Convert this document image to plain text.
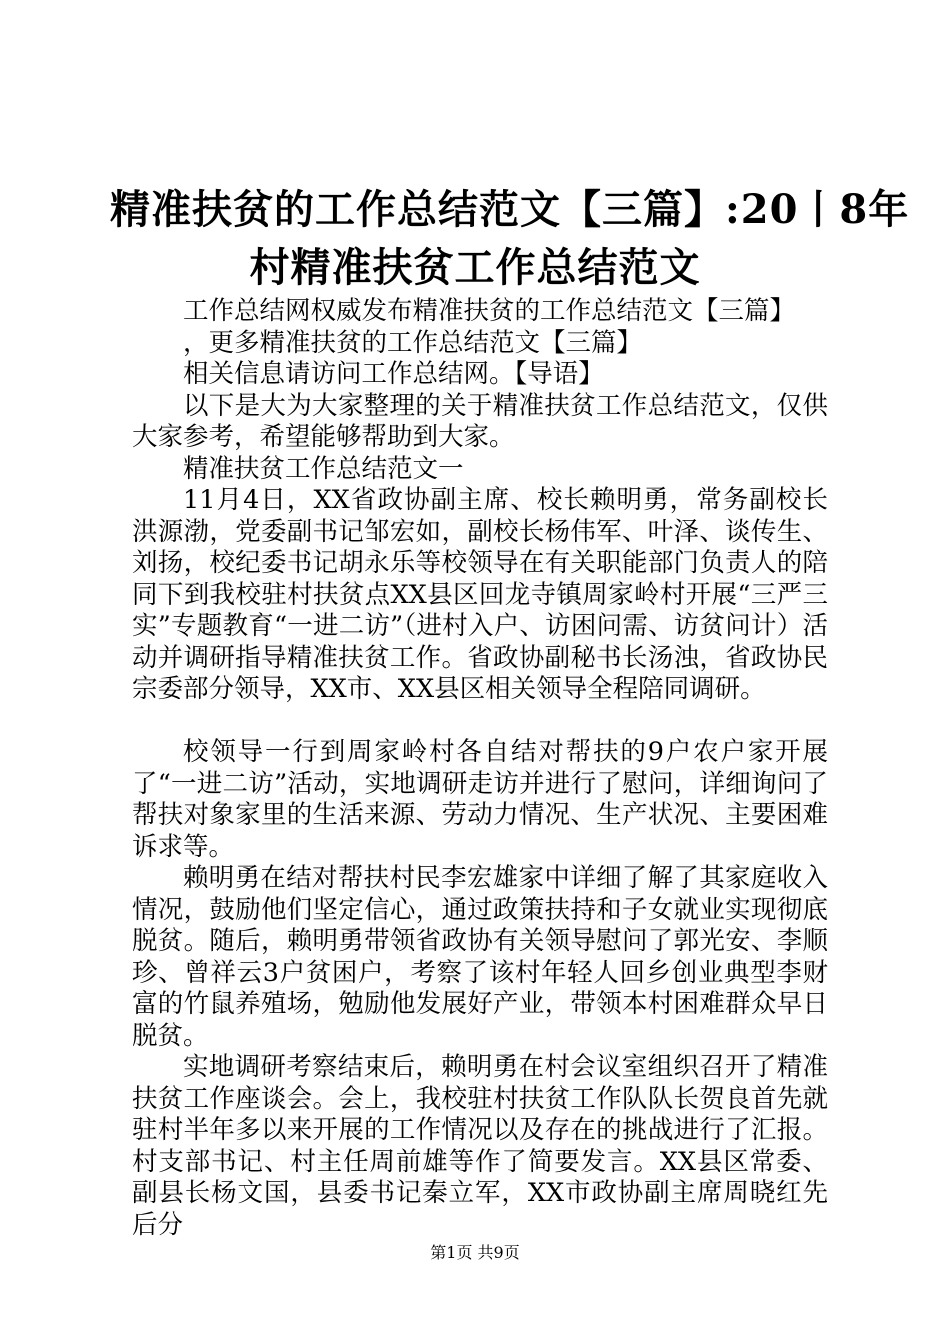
精准扶贫的工作总结范文【三篇】:20丨8年
村精准扶贫工作总结范文

工作总结网权威发布精准扶贫的工作总结范文【三篇】

，更多精准扶贫的工作总结范文【三篇】

相关信息请访问工作总结网。【导语】

以下是大为大家整理的关于精准扶贫工作总结范文，仅供大家参考，希望能够帮助到大家。

精准扶贫工作总结范文一

11月4日，XX省政协副主席、校长赖明勇，常务副校长洪源渤，党委副书记邹宏如，副校长杨伟军、叶泽、谈传生、刘扬，校纪委书记胡永乐等校领导在有关职能部门负责人的陪同下到我校驻村扶贫点XX县区回龙寺镇周家岭村开展“三严三实”专题教育“一进二访”（进村入户、访困问需、访贫问计）活动并调研指导精准扶贫工作。省政协副秘书长汤浊，省政协民宗委部分领导，XX市、XX县区相关领导全程陪同调研。

校领导一行到周家岭村各自结对帮扶的9户农户家开展了“一进二访”活动，实地调研走访并进行了慰问，详细询问了帮扶对象家里的生活来源、劳动力情况、生产状况、主要困难诉求等。

赖明勇在结对帮扶村民李宏雄家中详细了解了其家庭收入情况，鼓励他们坚定信心，通过政策扶持和子女就业实现彻底脱贫。随后，赖明勇带领省政协有关领导慰问了郭光安、李顺珍、曾祥云3户贫困户，考察了该村年轻人回乡创业典型李财富的竹鼠养殖场，勉励他发展好产业，带领本村困难群众早日脱贫。

实地调研考察结束后，赖明勇在村会议室组织召开了精准扶贫工作座谈会。会上，我校驻村扶贫工作队队长贺良首先就驻村半年多以来开展的工作情况以及存在的挑战进行了汇报。村支部书记、村主任周前雄等作了简要发言。XX县区常委、副县长杨文国，县委书记秦立军，XX市政协副主席周晓红先后分

第1页 共9页
